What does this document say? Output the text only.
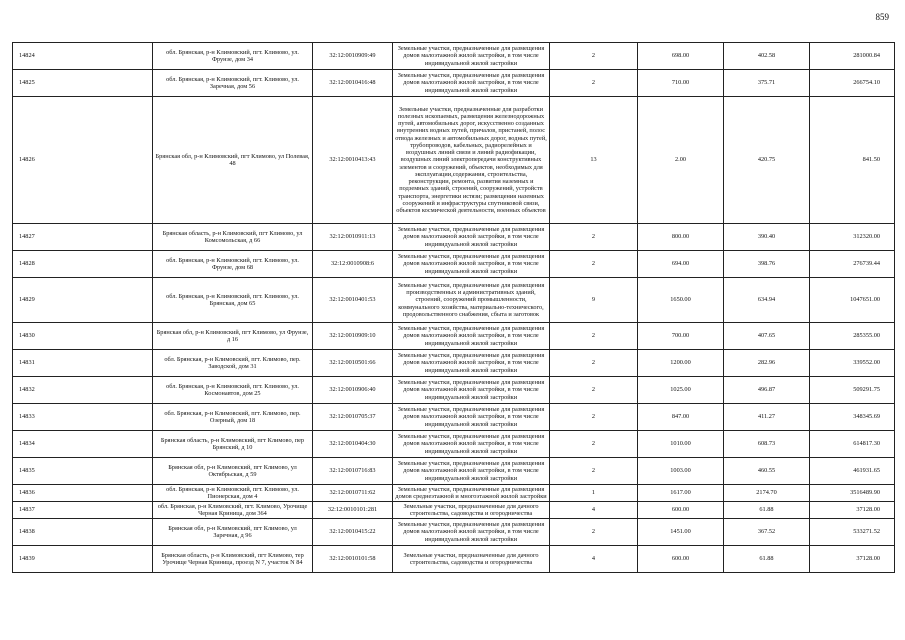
859
14824	обл. Брянская, р-н Климовский, пгт. Климово, ул. Фрунзе, дом 34	32:12:0010909:49	Земельные участки, предназначенные для размещения домов малоэтажной жилой застройки, в том числе индивидуальной жилой застройки	2	698.00	402.58	281000.84
14825	обл. Брянская, р-н Климовский, пгт. Климово, ул. Заречная, дом 56	32:12:0010416:48	Земельные участки, предназначенные для размещения домов малоэтажной жилой застройки, в том числе индивидуальной жилой застройки	2	710.00	375.71	266754.10
14826	Брянская обл, р-н Климовский, пгт Климово, ул Полевая, 48	32:12:0010413:43	Земельные участки, предназначенные для разработки полезных ископаемых, размещения железнодорожных путей, автомобильных дорог, искусственно созданных внутренних водных путей, причалов, пристаней, полос отвода железных и автомобильных дорог, водных путей, трубопроводов, кабельных, радиорелейных и воздушных линий связи и линий радиофикации, воздушных линий электропередачи конструктивных элементов и сооружений, объектов, необходимых для эксплуатации,содержания, строительства, реконструкции, ремонта, развития наземных и подземных зданий, строений, сооружений, устройств транспорта, энергетики истязи; размещения наземных сооружений и инфраструктуры спутниковой связи, объектов космической деятельности, военных объектов	13	2.00	420.75	841.50
14827	Брянская область, р-н Климовский, пгт Климово, ул Комсомольская, д 66	32:12:0010911:13	Земельные участки, предназначенные для размещения домов малоэтажной жилой застройки, в том числе индивидуальной жилой застройки	2	800.00	390.40	312320.00
14828	обл. Брянская, р-н Климовский, пгт. Климово, ул. Фрунзе, дом 68	32:12:0010908:6	Земельные участки, предназначенные для размещения домов малоэтажной жилой застройки, в том числе индивидуальной жилой застройки	2	694.00	398.76	276739.44
14829	обл. Брянская, р-н Климовский, пгт. Климово, ул. Брянская, дом 65	32:12:0010401:53	Земельные участки, предназначенные для размещения производственных и административных зданий, строений, сооружений промышленности, коммунального хозяйства, материально-технического, продовольственного снабжения, сбыта и заготовок	9	1650.00	634.94	1047651.00
14830	Брянская обл, р-н Климовский, пгт Климово, ул Фрунзе, д 16	32:12:0010909:10	Земельные участки, предназначенные для размещения домов малоэтажной жилой застройки, в том числе индивидуальной жилой застройки	2	700.00	407.65	285355.00
14831	обл. Брянская, р-н Климовский, пгт. Климово, пер. Заводской, дом 31	32:12:0010501:66	Земельные участки, предназначенные для размещения домов малоэтажной жилой застройки, в том числе индивидуальной жилой застройки	2	1200.00	282.96	339552.00
14832	обл. Брянская, р-н Климовский, пгт. Климово, ул. Космонавтов, дом 25	32:12:0010906:40	Земельные участки, предназначенные для размещения домов малоэтажной жилой застройки, в том числе индивидуальной жилой застройки	2	1025.00	496.87	509291.75
14833	обл. Брянская, р-н Климовский, пгт. Климово, пер. Озерный, дом 18	32:12:0010705:37	Земельные участки, предназначенные для размещения домов малоэтажной жилой застройки, в том числе индивидуальной жилой застройки	2	847.00	411.27	348345.69
14834	Брянская область, р-н Климовский, пгт Климово, пер Брянский, д 10	32:12:0010404:30	Земельные участки, предназначенные для размещения домов малоэтажной жилой застройки, в том числе индивидуальной жилой застройки	2	1010.00	608.73	614817.30
14835	Брянская обл, р-н Климовский, пгт Климово, ул Октябрьская, д 59	32:12:0010716:83	Земельные участки, предназначенные для размещения домов малоэтажной жилой застройки, в том числе индивидуальной жилой застройки	2	1003.00	460.55	461931.65
14836	обл. Брянская, р-н Климовский, пгт. Климово, ул. Пионерская, дом 4	32:12:0010711:62	Земельные участки, предназначенные для размещения домов среднеэтажной и многоэтажной жилой застройки	1	1617.00	2174.70	3516489.90
14837	обл. Брянская, р-н Климовский, пгт. Климово, Урочище Черная Криница, дом 364	32:12:0010101:281	Земельные участки, предназначенные для дачного строительства, садоводства и огородничества	4	600.00	61.88	37128.00
14838	Брянская обл, р-н Климовский, пгт Климово, ул Заречная, д 96	32:12:0010415:22	Земельные участки, предназначенные для размещения домов малоэтажной жилой застройки, в том числе индивидуальной жилой застройки	2	1451.00	367.52	533271.52
14839	Брянская область, р-н Климовский, пгт Климово, тер Урочище Черная Криница, проезд N 7, участок N 84	32:12:0010101:58	Земельные участки, предназначенные для дачного строительства, садоводства и огородничества	4	600.00	61.88	37128.00
